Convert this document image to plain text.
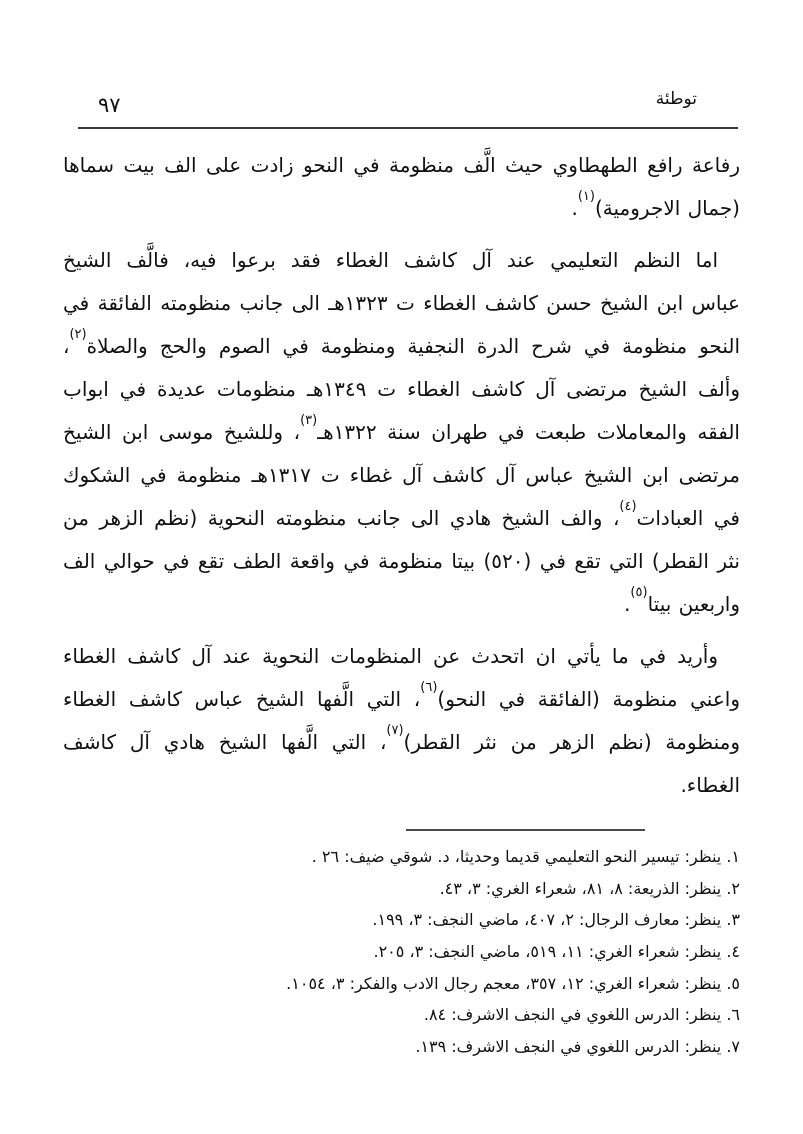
٩٧	توطئة
رفاعة رافع الطهطاوي حيث الَّف منظومة في النحو زادت على الف بيت سماها
(جمال الاجرومية)$^{(١)}$.
اما النظم التعليمي عند آل كاشف الغطاء فقد برعوا فيه، فالَّف الشيخ
عباس ابن الشيخ حسن كاشف الغطاء ت ١٣٢٣هـ الى جانب منظومته الفائقة في
النحو منظومة في شرح الدرة النجفية ومنظومة في الصوم والحج والصلاة$^{(٢)}$،
وألف الشيخ مرتضى آل كاشف الغطاء ت ١٣٤٩هـ منظومات عديدة في ابواب
الفقه والمعاملات طبعت في طهران سنة ١٣٢٢هـ$^{(٣)}$، وللشيخ موسى ابن الشيخ
مرتضى ابن الشيخ عباس آل كاشف آل غطاء ت ١٣١٧هـ منظومة في الشكوك
في العبادات$^{(٤)}$، والف الشيخ هادي الى جانب منظومته النحوية (نظم الزهر من
نثر القطر) التي تقع في (٥٢٠) بيتا منظومة في واقعة الطف تقع في حوالي الف
واربعين بيتا$^{(٥)}$.
وأريد في ما يأتي ان اتحدث عن المنظومات النحوية عند آل كاشف الغطاء
واعني منظومة (الفائقة في النحو)$^{(٦)}$، التي الَّفها الشيخ عباس كاشف الغطاء
ومنظومة (نظم الزهر من نثر القطر)$^{(٧)}$، التي الَّفها الشيخ هادي آل كاشف
الغطاء.
١. ينظر: تيسير النحو التعليمي قديما وحديثا، د. شوقي ضيف: ٢٦ .
٢. ينظر: الذريعة: ٨، ٨١، شعراء الغري: ٣، ٤٣.
٣. ينظر: معارف الرجال: ٢، ٤٠٧، ماضي النجف: ٣، ١٩٩.
٤. ينظر: شعراء الغري: ١١، ٥١٩، ماضي النجف: ٣، ٢٠٥.
٥. ينظر: شعراء الغري: ١٢، ٣٥٧، معجم رجال الادب والفكر: ٣، ١٠٥٤.
٦. ينظر: الدرس اللغوي في النجف الاشرف: ٨٤.
٧. ينظر: الدرس اللغوي في النجف الاشرف: ١٣٩.
